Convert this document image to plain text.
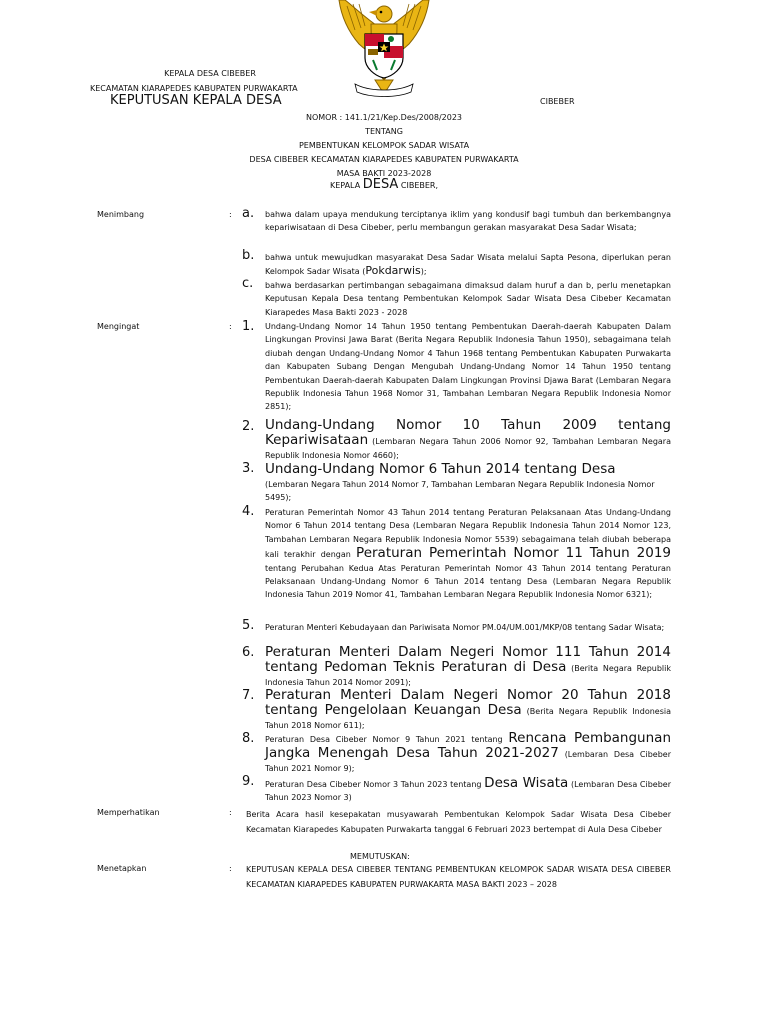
KEPALA DESA CIBEBER
KECAMATAN KIARAPEDES KABUPATEN PURWAKARTA
KEPUTUSAN KEPALA DESA	CIBEBER
NOMOR : 141.1/21/Kep.Des/2008/2023
TENTANG
PEMBENTUKAN KELOMPOK SADAR WISATA
DESA CIBEBER KECAMATAN KIARAPEDES KABUPATEN PURWAKARTA
MASA BAKTI 2023-2028
KEPALA DESA CIBEBER,
Menimbang	: a.	bahwa dalam upaya mendukung terciptanya iklim yang kondusif bagi tumbuh dan berkembangnya kepariwisataan di Desa Cibeber, perlu membangun gerakan masyarakat Desa Sadar Wisata;
b.	bahwa untuk mewujudkan masyarakat Desa Sadar Wisata melalui Sapta Pesona, diperlukan peran Kelompok Sadar Wisata (Pokdarwis);
c.	bahwa berdasarkan pertimbangan sebagaimana dimaksud dalam huruf a dan b, perlu menetapkan Keputusan Kepala Desa tentang Pembentukan Kelompok Sadar Wisata Desa Cibeber Kecamatan Kiarapedes Masa Bakti 2023 - 2028
Mengingat	: 1.	Undang-Undang Nomor 14 Tahun 1950 tentang Pembentukan Daerah-daerah Kabupaten Dalam Lingkungan Provinsi Jawa Barat (Berita Negara Republik Indonesia Tahun 1950), sebagaimana telah diubah dengan Undang-Undang Nomor 4 Tahun 1968 tentang Pembentukan Kabupaten Purwakarta dan Kabupaten Subang Dengan Mengubah Undang-Undang Nomor 14 Tahun 1950 tentang Pembentukan Daerah-daerah Kabupaten Dalam Lingkungan Provinsi Djawa Barat (Lembaran Negara Republik Indonesia Tahun 1968 Nomor 31, Tambahan Lembaran Negara Republik Indonesia Nomor 2851);
2. Undang-Undang Nomor 10 Tahun 2009 tentang Kepariwisataan (Lembaran Negara Tahun 2006 Nomor 92, Tambahan Lembaran Negara Republik Indonesia Nomor 4660);
3. Undang-Undang Nomor 6 Tahun 2014 tentang Desa
(Lembaran Negara Tahun 2014 Nomor 7, Tambahan Lembaran Negara Republik Indonesia Nomor 5495);
4.	Peraturan Pemerintah Nomor 43 Tahun 2014 tentang Peraturan Pelaksanaan Atas Undang-Undang Nomor 6 Tahun 2014 tentang Desa (Lembaran Negara Republik Indonesia Tahun 2014 Nomor 123, Tambahan Lembaran Negara Republik Indonesia Nomor 5539) sebagaimana telah diubah beberapa kali terakhir dengan Peraturan Pemerintah Nomor 11 Tahun 2019 tentang Perubahan Kedua Atas Peraturan Pemerintah Nomor 43 Tahun 2014 tentang Peraturan Pelaksanaan Undang-Undang Nomor 6 Tahun 2014 tentang Desa (Lembaran Negara Republik Indonesia Tahun 2019 Nomor 41, Tambahan Lembaran Negara Republik Indonesia Nomor 6321);
5.	Peraturan Menteri Kebudayaan dan Pariwisata Nomor PM.04/UM.001/MKP/08 tentang Sadar Wisata;
6. Peraturan Menteri Dalam Negeri Nomor 111 Tahun 2014 tentang Pedoman Teknis Peraturan di Desa (Berita Negara Republik Indonesia Tahun 2014 Nomor 2091);
7. Peraturan Menteri Dalam Negeri Nomor 20 Tahun 2018 tentang Pengelolaan Keuangan Desa (Berita Negara Republik Indonesia Tahun 2018 Nomor 611);
8.	Peraturan Desa Cibeber Nomor 9 Tahun 2021 tentang Rencana Pembangunan Jangka Menengah Desa Tahun 2021-2027 (Lembaran Desa Cibeber Tahun 2021 Nomor 9);
9.	Peraturan Desa Cibeber Nomor 3 Tahun 2023 tentang Desa Wisata (Lembaran Desa Cibeber Tahun 2023 Nomor 3)
Memperhatikan	: Berita Acara hasil kesepakatan musyawarah Pembentukan Kelompok Sadar Wisata Desa Cibeber Kecamatan Kiarapedes Kabupaten Purwakarta tanggal 6 Februari 2023 bertempat di Aula Desa Cibeber
MEMUTUSKAN:
Menetapkan	: KEPUTUSAN KEPALA DESA CIBEBER TENTANG PEMBENTUKAN KELOMPOK SADAR WISATA DESA CIBEBER KECAMATAN KIARAPEDES KABUPATEN PURWAKARTA MASA BAKTI 2023 – 2028
